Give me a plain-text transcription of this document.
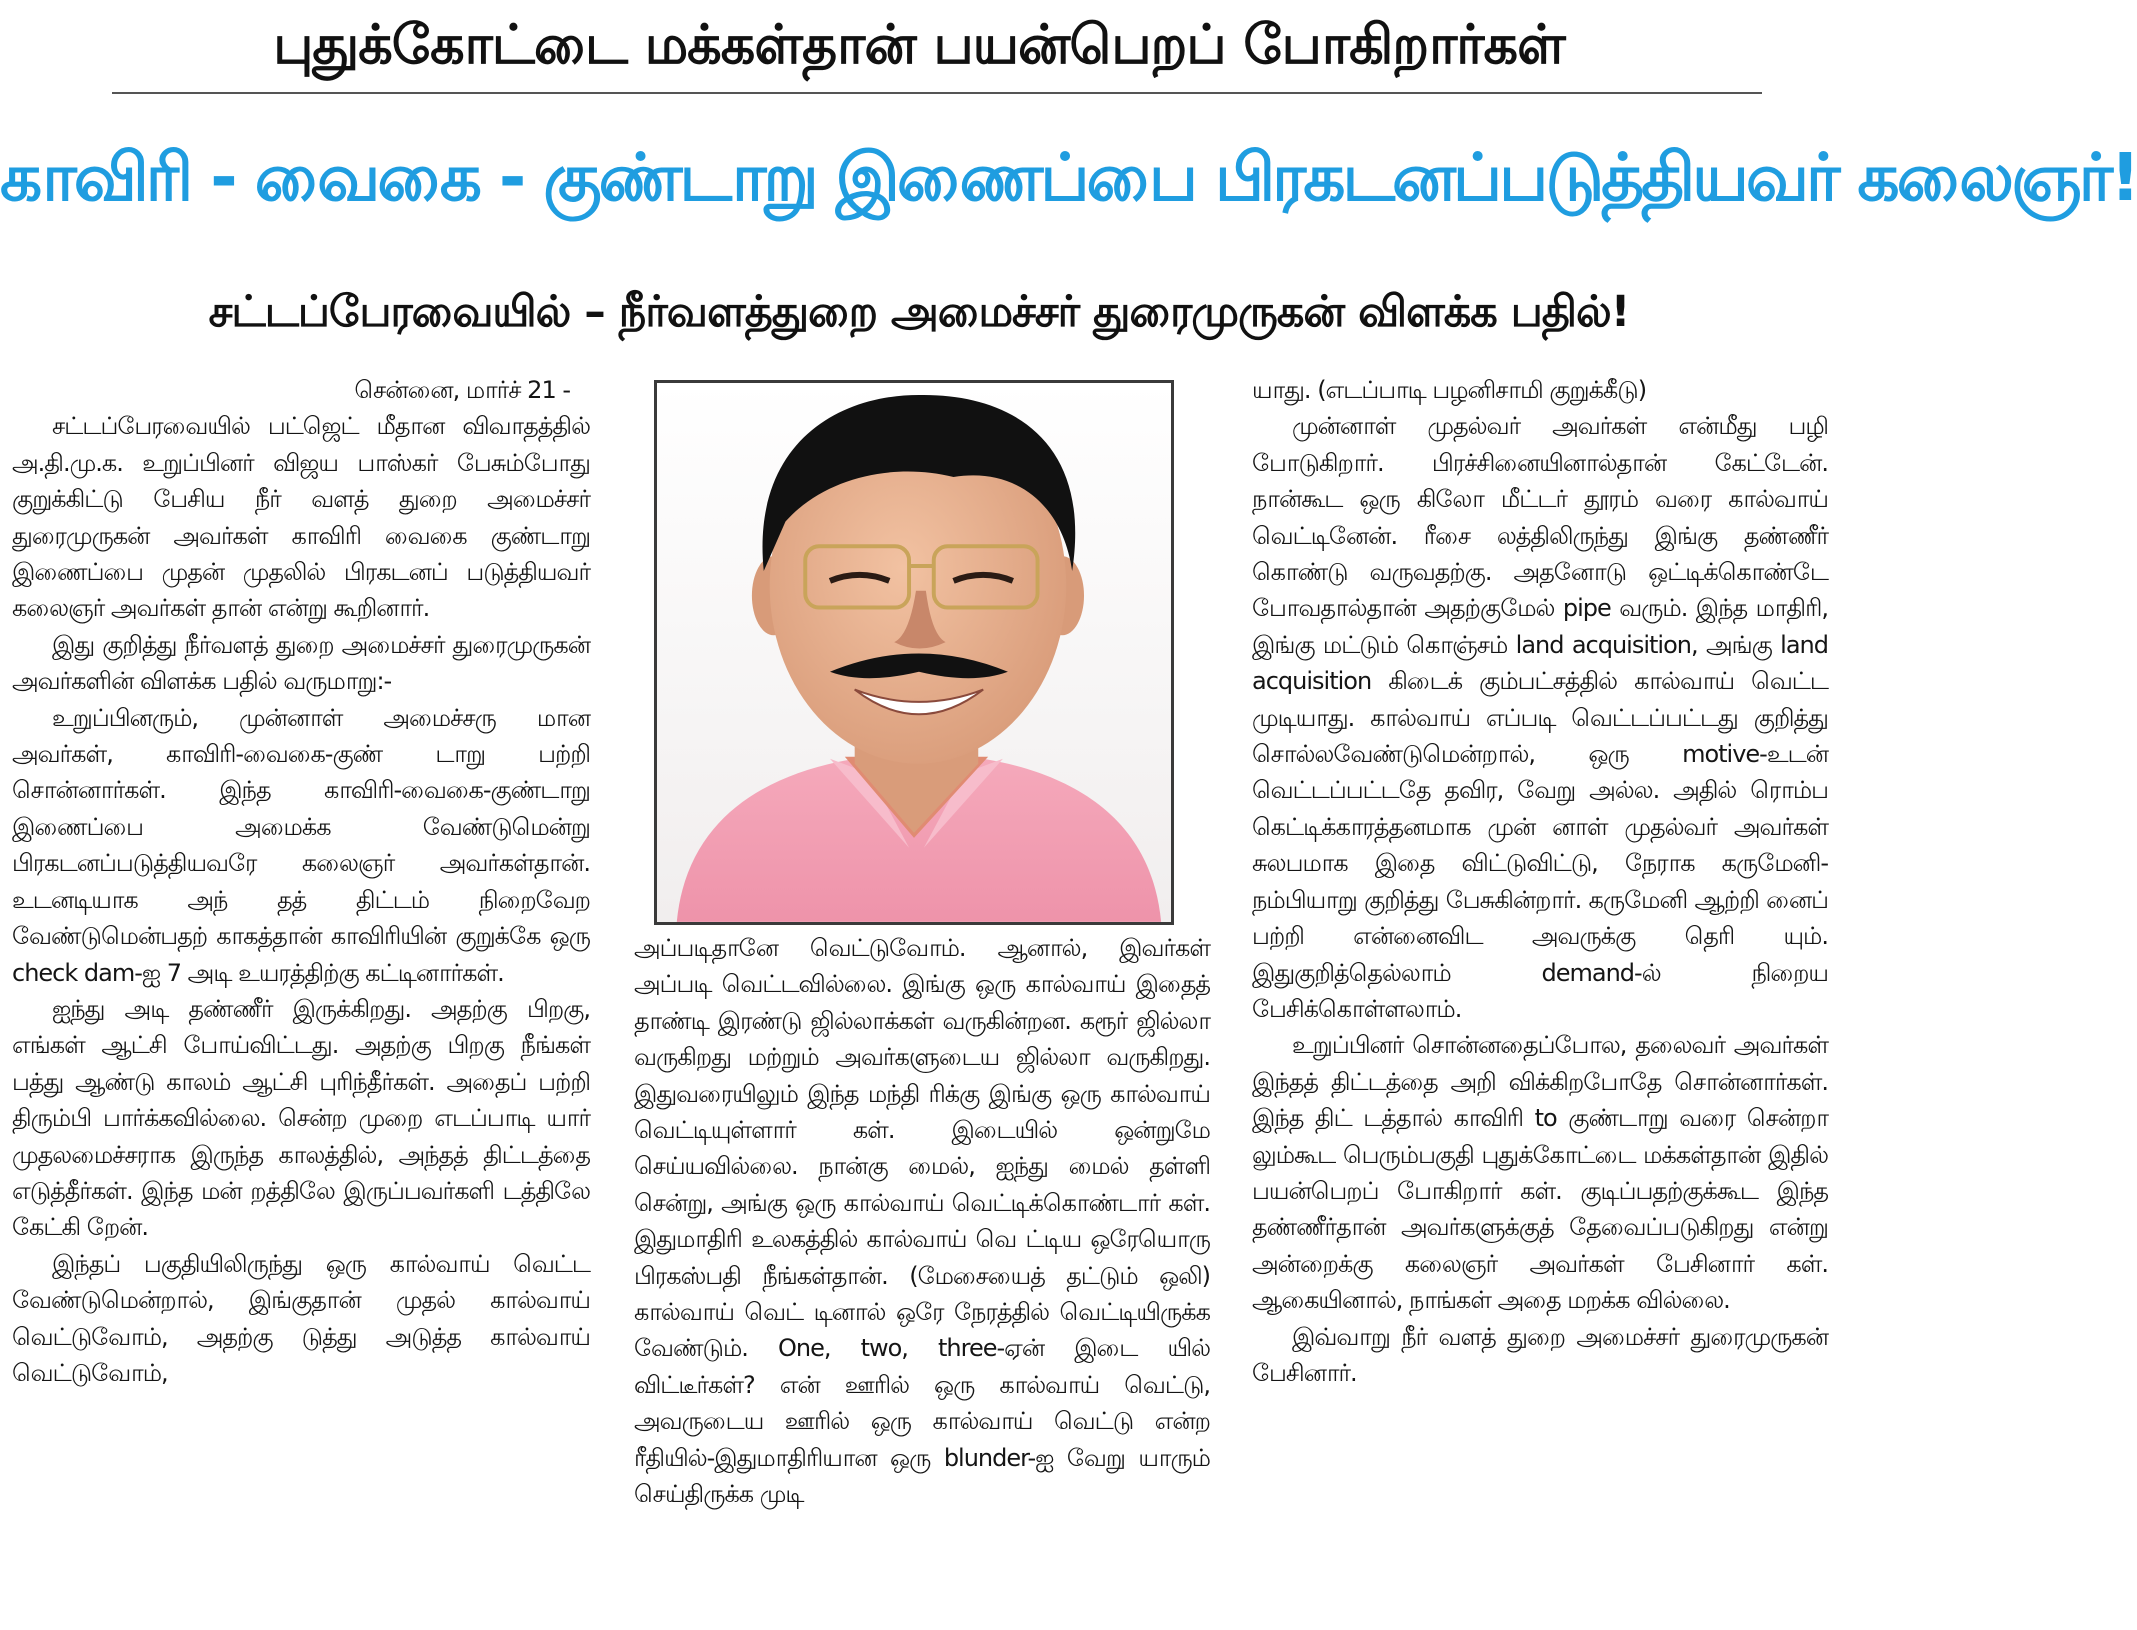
புதுக்கோட்டை மக்கள்தான் பயன்பெறப் போகிறார்கள்
காவிரி - வைகை - குண்டாறு இணைப்பை பிரகடனப்படுத்தியவர் கலைஞர்!
சட்டப்பேரவையில் – நீர்வளத்துறை அமைச்சர் துரைமுருகன் விளக்க பதில்!
சென்னை, மார்ச் 21 -

சட்டப்பேரவையில் பட்ஜெட் மீதான விவாதத்தில் அ.தி.மு.க. உறுப்பினர் விஜய பாஸ்கர் பேசும்போது குறுக்கிட்டு பேசிய நீர் வளத் துறை அமைச்சர் துரைமுருகன் அவர்கள் காவிரி வைகை குண்டாறு இணைப்பை முதன் முதலில் பிரகடனப் படுத்தியவர் கலைஞர் அவர்கள் தான் என்று கூறினார்.

இது குறித்து நீர்வளத் துறை அமைச்சர் துரைமுருகன் அவர்களின் விளக்க பதில் வருமாறு:-

உறுப்பினரும், முன்னாள் அமைச்சரு மான அவர்கள், காவிரி-வைகை-குண் டாறு பற்றி சொன்னார்கள். இந்த காவிரி-வைகை-குண்டாறு இணைப்பை அமைக்க வேண்டுமென்று பிரகடனப்படுத்தியவரே கலைஞர் அவர்கள்தான். உடனடியாக அந் தத் திட்டம் நிறைவேற வேண்டுமென்பதற் காகத்தான் காவிரியின் குறுக்கே ஒரு check dam-ஐ 7 அடி உயரத்திற்கு கட்டினார்கள்.

ஐந்து அடி தண்ணீர் இருக்கிறது. அதற்கு பிறகு, எங்கள் ஆட்சி போய்விட்டது. அதற்கு பிறகு நீங்கள் பத்து ஆண்டு காலம் ஆட்சி புரிந்தீர்கள். அதைப் பற்றி திரும்பி பார்க்கவில்லை. சென்ற முறை எடப்பாடி யார் முதலமைச்சராக இருந்த காலத்தில், அந்தத் திட்டத்தை எடுத்தீர்கள். இந்த மன் றத்திலே இருப்பவர்களி டத்திலே கேட்கி றேன்.

இந்தப் பகுதியிலிருந்து ஒரு கால்வாய் வெட்ட வேண்டுமென்றால், இங்குதான் முதல் கால்வாய் வெட்டுவோம், அதற்கு டுத்து அடுத்த கால்வாய் வெட்டுவோம்,

அப்படிதானே வெட்டுவோம். ஆனால், இவர்கள் அப்படி வெட்டவில்லை. இங்கு ஒரு கால்வாய் இதைத் தாண்டி இரண்டு ஜில்லாக்கள் வருகின்றன. கரூர் ஜில்லா வருகிறது மற்றும் அவர்களுடைய ஜில்லா வருகிறது. இதுவரையிலும் இந்த மந்தி ரிக்கு இங்கு ஒரு கால்வாய் வெட்டியுள்ளார் கள். இடையில் ஒன்றுமே செய்யவில்லை. நான்கு மைல், ஐந்து மைல் தள்ளி சென்று, அங்கு ஒரு கால்வாய் வெட்டிக்கொண்டார் கள். இதுமாதிரி உலகத்தில் கால்வாய் வெ ட்டிய ஒரேயொரு பிரகஸ்பதி நீங்கள்தான். (மேசையைத் தட்டும் ஒலி) கால்வாய் வெட் டினால் ஒரே நேரத்தில் வெட்டியிருக்க வேண்டும். One, two, three-ஏன் இடை யில் விட்டீர்கள்? என் ஊரில் ஒரு கால்வாய் வெட்டு, அவருடைய ஊரில் ஒரு கால்வாய் வெட்டு என்ற ரீதியில்-இதுமாதிரியான ஒரு blunder-ஐ வேறு யாரும் செய்திருக்க முடி

யாது. (எடப்பாடி பழனிசாமி குறுக்கீடு)

முன்னாள் முதல்வர் அவர்கள் என்மீது பழி போடுகிறார். பிரச்சினையினால்தான் கேட்டேன். நான்கூட ஒரு கிலோ மீட்டர் தூரம் வரை கால்வாய் வெட்டினேன். ரீசை லத்திலிருந்து இங்கு தண்ணீர் கொண்டு வருவதற்கு. அதனோடு ஒட்டிக்கொண்டே போவதால்தான் அதற்குமேல் pipe வரும். இந்த மாதிரி, இங்கு மட்டும் கொஞ்சம் land acquisition, அங்கு land acquisition கிடைக் கும்பட்சத்தில் கால்வாய் வெட்ட முடியாது. கால்வாய் எப்படி வெட்டப்பட்டது குறித்து சொல்லவேண்டுமென்றால், ஒரு motive-உடன் வெட்டப்பட்டதே தவிர, வேறு அல்ல. அதில் ரொம்ப கெட்டிக்காரத்தனமாக முன் னாள் முதல்வர் அவர்கள் சுலபமாக இதை விட்டுவிட்டு, நேராக கருமேனி-நம்பியாறு குறித்து பேசுகின்றார். கருமேனி ஆற்றி னைப் பற்றி என்னைவிட அவருக்கு தெரி யும். இதுகுறித்தெல்லாம் demand-ல் நிறைய பேசிக்கொள்ளலாம்.

உறுப்பினர் சொன்னதைப்போல, தலைவர் அவர்கள் இந்தத் திட்டத்தை அறி விக்கிறபோதே சொன்னார்கள். இந்த திட் டத்தால் காவிரி to குண்டாறு வரை சென்றா லும்கூட பெரும்பகுதி புதுக்கோட்டை மக்கள்தான் இதில் பயன்பெறப் போகிறார் கள். குடிப்பதற்குக்கூட இந்த தண்ணீர்தான் அவர்களுக்குத் தேவைப்படுகிறது என்று அன்றைக்கு கலைஞர் அவர்கள் பேசினார் கள். ஆகையினால், நாங்கள் அதை மறக்க வில்லை.

இவ்வாறு நீர் வளத் துறை அமைச்சர் துரைமுருகன் பேசினார்.
